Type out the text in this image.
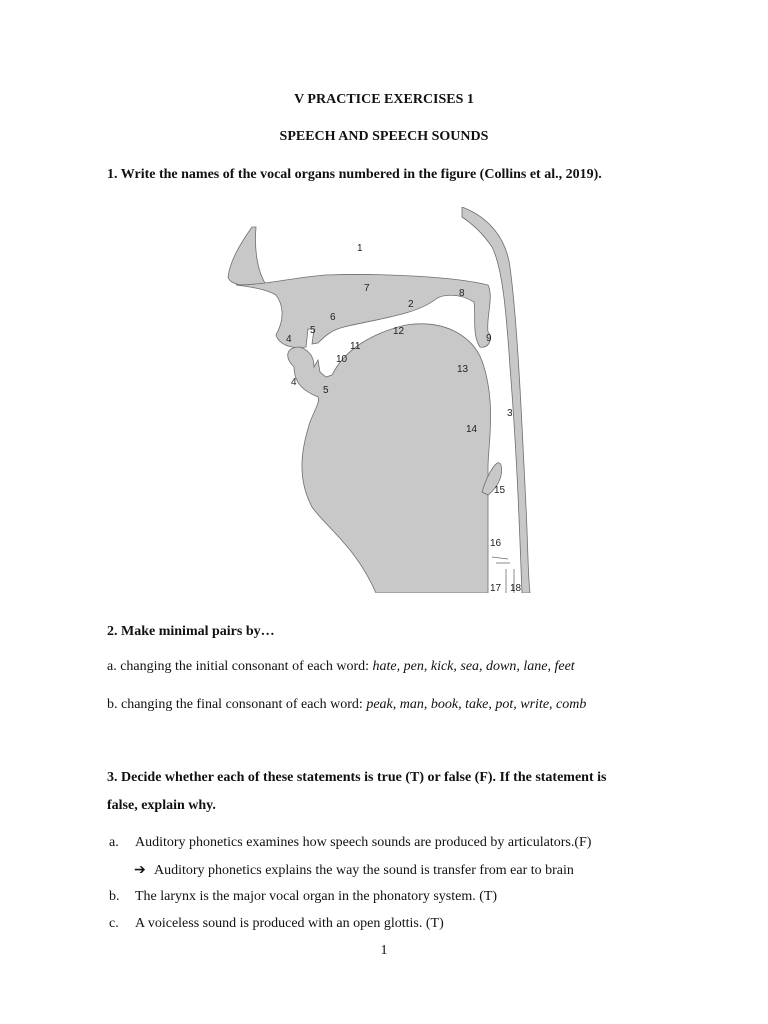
V PRACTICE EXERCISES 1
SPEECH AND SPEECH SOUNDS
1. Write the names of the vocal organs numbered in the figure (Collins et al., 2019).
1
2
3
4
5
6
7	8
9
10
11
12
13
14
15
16
17 18
4
5
2. Make minimal pairs by…
a. changing the initial consonant of each word: hate, pen, kick, sea, down, lane, feet
b. changing the final consonant of each word: peak, man, book, take, pot, write, comb
3. Decide whether each of these statements is true (T) or false (F). If the statement is
false, explain why.
a. Auditory phonetics examines how speech sounds are produced by articulators.(F)
➔ Auditory phonetics explains the way the sound is transfer from ear to brain
b. The larynx is the major vocal organ in the phonatory system. (T)
c. A voiceless sound is produced with an open glottis. (T)
1
